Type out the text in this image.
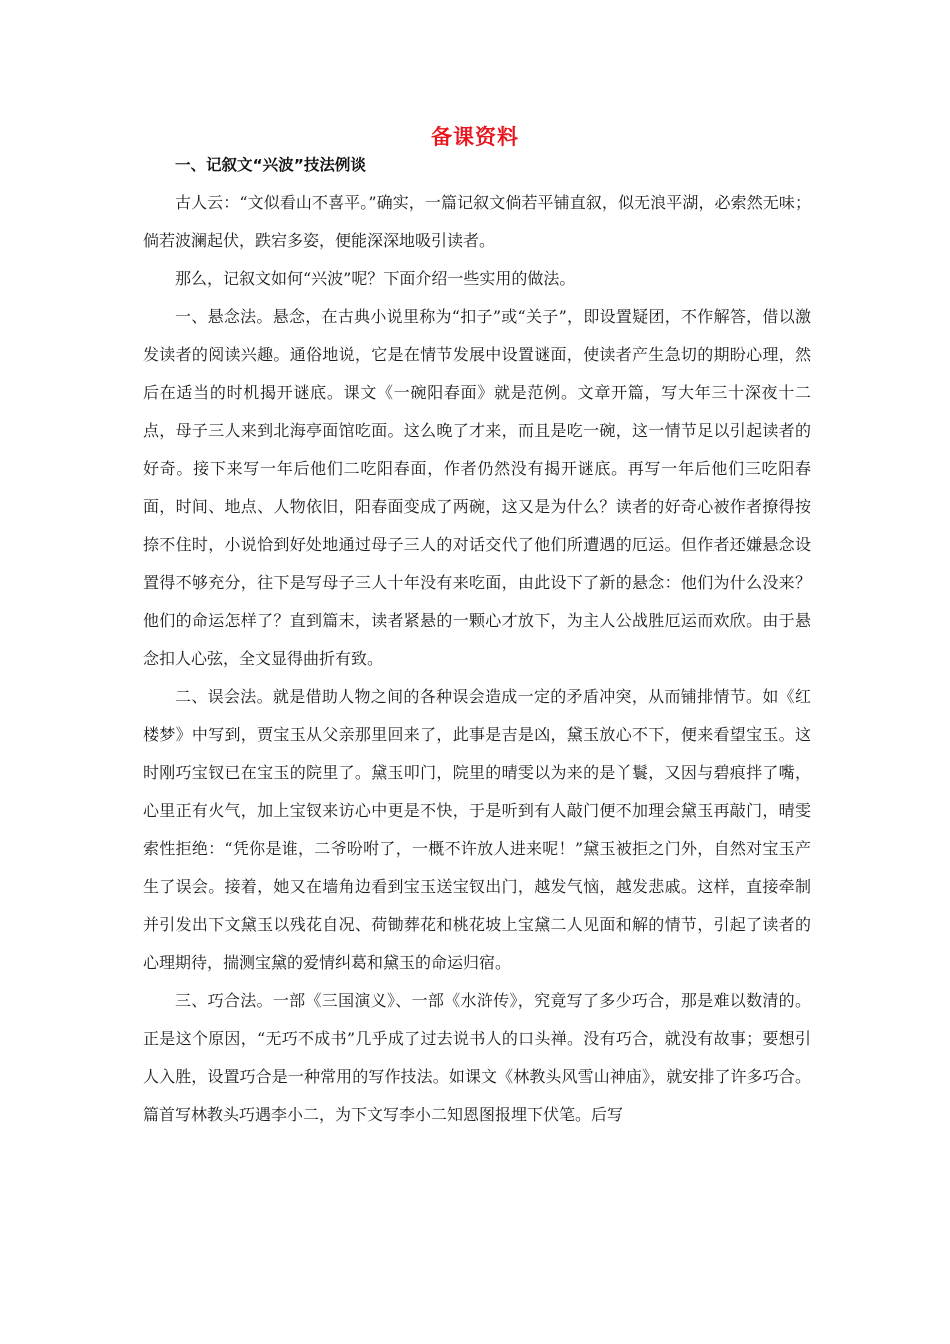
备课资料
一、记叙文“兴波”技法例谈

古人云：“文似看山不喜平。”确实，一篇记叙文倘若平铺直叙，似无浪平湖，必索然无味；倘若波澜起伏，跌宕多姿，便能深深地吸引读者。

那么，记叙文如何“兴波”呢？下面介绍一些实用的做法。

一、悬念法。悬念，在古典小说里称为“扣子”或“关子”，即设置疑团，不作解答，借以激发读者的阅读兴趣。通俗地说，它是在情节发展中设置谜面，使读者产生急切的期盼心理，然后在适当的时机揭开谜底。课文《一碗阳春面》就是范例。文章开篇，写大年三十深夜十二点，母子三人来到北海亭面馆吃面。这么晚了才来，而且是吃一碗，这一情节足以引起读者的好奇。接下来写一年后他们二吃阳春面，作者仍然没有揭开谜底。再写一年后他们三吃阳春面，时间、地点、人物依旧，阳春面变成了两碗，这又是为什么？读者的好奇心被作者撩得按捺不住时，小说恰到好处地通过母子三人的对话交代了他们所遭遇的厄运。但作者还嫌悬念设置得不够充分，往下是写母子三人十年没有来吃面，由此设下了新的悬念：他们为什么没来？他们的命运怎样了？直到篇末，读者紧悬的一颗心才放下，为主人公战胜厄运而欢欣。由于悬念扣人心弦，全文显得曲折有致。

二、误会法。就是借助人物之间的各种误会造成一定的矛盾冲突，从而铺排情节。如《红楼梦》中写到，贾宝玉从父亲那里回来了，此事是吉是凶，黛玉放心不下，便来看望宝玉。这时刚巧宝钗已在宝玉的院里了。黛玉叩门，院里的晴雯以为来的是丫鬟，又因与碧痕拌了嘴，心里正有火气，加上宝钗来访心中更是不快，于是听到有人敲门便不加理会黛玉再敲门，晴雯索性拒绝：“凭你是谁，二爷吩咐了，一概不许放人进来呢！”黛玉被拒之门外，自然对宝玉产生了误会。接着，她又在墙角边看到宝玉送宝钗出门，越发气恼，越发悲戚。这样，直接牵制并引发出下文黛玉以残花自况、荷锄葬花和桃花坡上宝黛二人见面和解的情节，引起了读者的心理期待，揣测宝黛的爱情纠葛和黛玉的命运归宿。

三、巧合法。一部《三国演义》、一部《水浒传》，究竟写了多少巧合，那是难以数清的。正是这个原因，“无巧不成书”几乎成了过去说书人的口头禅。没有巧合，就没有故事；要想引人入胜，设置巧合是一种常用的写作技法。如课文《林教头风雪山神庙》，就安排了许多巧合。篇首写林教头巧遇李小二，为下文写李小二知恩图报埋下伏笔。后写
